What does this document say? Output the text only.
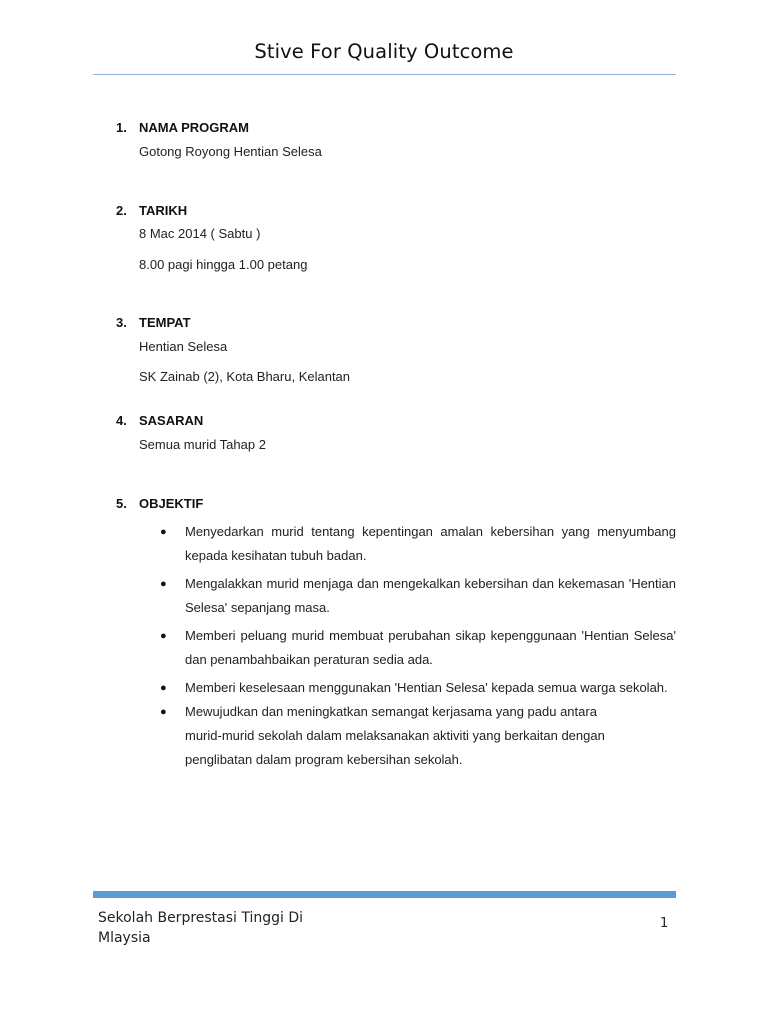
Stive For Quality Outcome
1. NAMA PROGRAM
Gotong Royong Hentian Selesa
2. TARIKH
8 Mac 2014 ( Sabtu )
8.00 pagi hingga 1.00 petang
3. TEMPAT
Hentian Selesa
SK Zainab (2), Kota Bharu, Kelantan
4. SASARAN
Semua murid Tahap 2
5. OBJEKTIF
● Menyedarkan murid tentang kepentingan amalan kebersihan yang menyumbang kepada kesihatan tubuh badan.
● Mengalakkan murid menjaga dan mengekalkan kebersihan dan kekemasan 'Hentian Selesa' sepanjang masa.
● Memberi peluang murid membuat perubahan sikap kepenggunaan 'Hentian Selesa' dan penambahbaikan peraturan sedia ada.
● Memberi keselesaan menggunakan 'Hentian Selesa' kepada semua warga sekolah.
● Mewujudkan dan meningkatkan semangat kerjasama yang padu antara murid-murid sekolah dalam melaksanakan aktiviti yang berkaitan dengan penglibatan dalam program kebersihan sekolah.
Sekolah Berprestasi Tinggi Di Mlaysia
1
